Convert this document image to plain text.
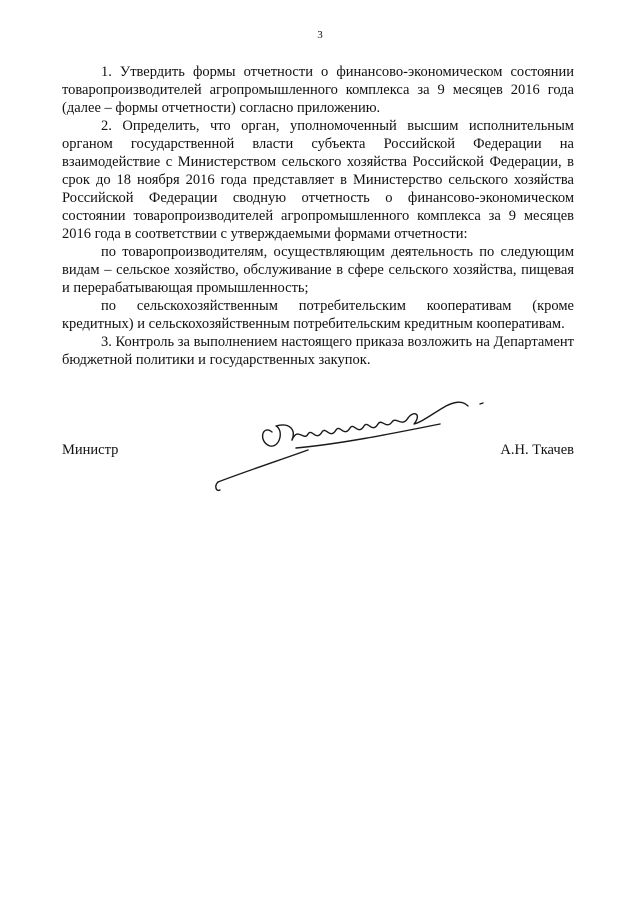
3

1. Утвердить формы отчетности о финансово-экономическом состоянии товаропроизводителей агропромышленного комплекса за 9 месяцев 2016 года (далее – формы отчетности) согласно приложению.

2. Определить, что орган, уполномоченный высшим исполнительным органом государственной власти субъекта Российской Федерации на взаимодействие с Министерством сельского хозяйства Российской Федерации, в срок до 18 ноября 2016 года представляет в Министерство сельского хозяйства Российской Федерации сводную отчетность о финансово-экономическом состоянии товаропроизводителей агропромышленного комплекса за 9 месяцев 2016 года в соответствии с утверждаемыми формами отчетности:

по товаропроизводителям, осуществляющим деятельность по следующим видам – сельское хозяйство, обслуживание в сфере сельского хозяйства, пищевая и перерабатывающая промышленность;

по сельскохозяйственным потребительским кооперативам (кроме кредитных) и сельскохозяйственным потребительским кредитным кооперативам.

3. Контроль за выполнением настоящего приказа возложить на Департамент бюджетной политики и государственных закупок.

Министр	А.Н. Ткачев
